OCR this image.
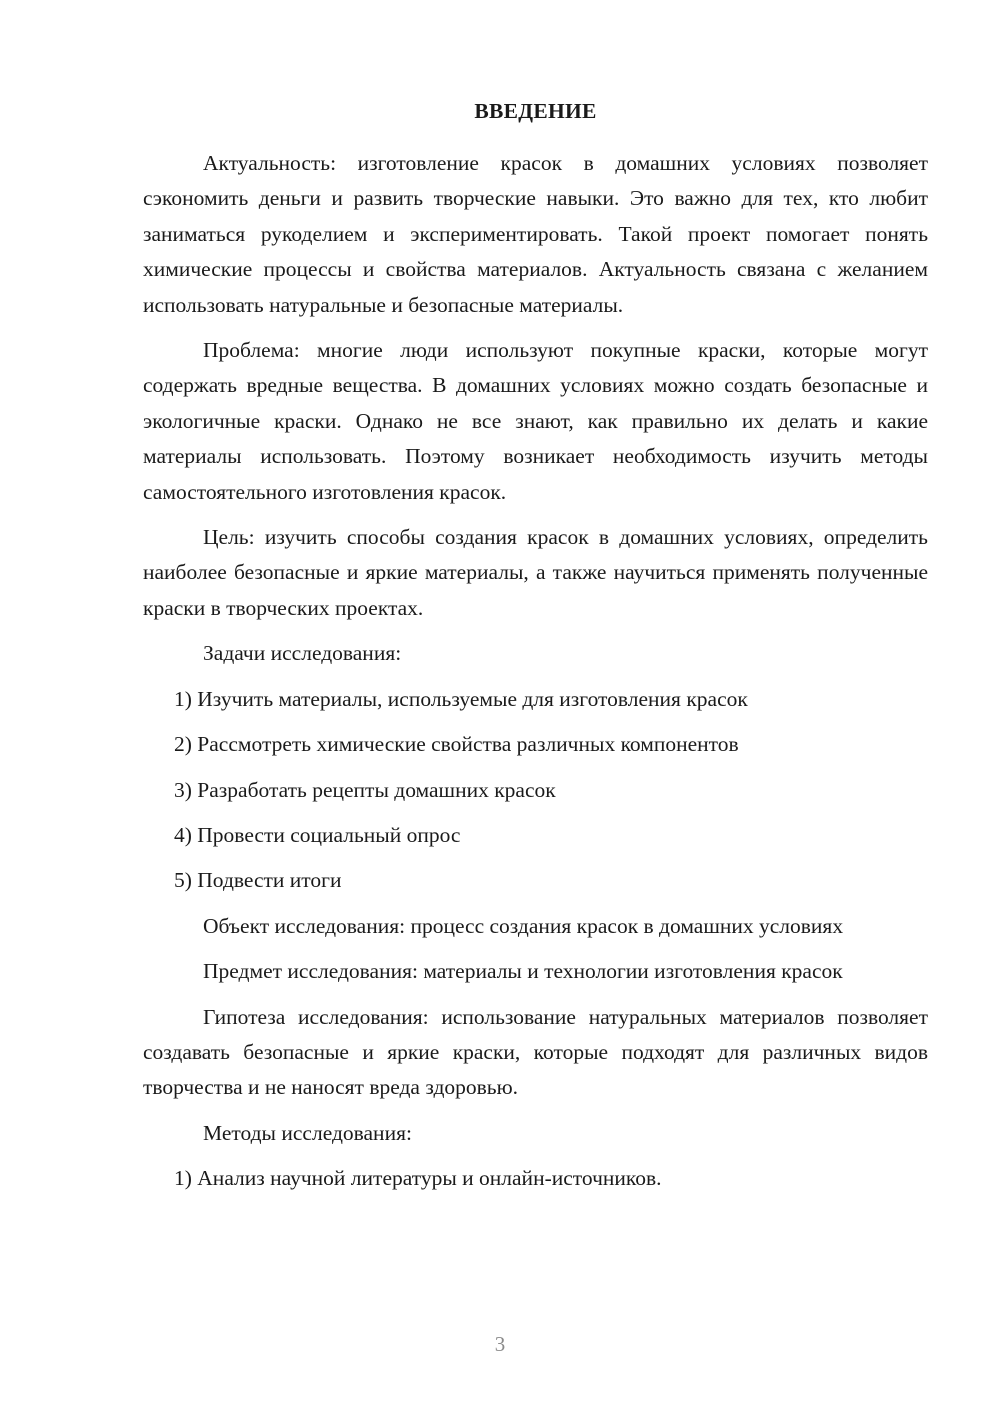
ВВЕДЕНИЕ
Актуальность: изготовление красок в домашних условиях позволяет сэкономить деньги и развить творческие навыки. Это важно для тех, кто любит заниматься рукоделием и экспериментировать. Такой проект помогает понять химические процессы и свойства материалов. Актуальность связана с желанием использовать натуральные и безопасные материалы.
Проблема: многие люди используют покупные краски, которые могут содержать вредные вещества. В домашних условиях можно создать безопасные и экологичные краски. Однако не все знают, как правильно их делать и какие материалы использовать. Поэтому возникает необходимость изучить методы самостоятельного изготовления красок.
Цель: изучить способы создания красок в домашних условиях, определить наиболее безопасные и яркие материалы, а также научиться применять полученные краски в творческих проектах.
Задачи исследования:
1) Изучить материалы, используемые для изготовления красок
2) Рассмотреть химические свойства различных компонентов
3) Разработать рецепты домашних красок
4) Провести социальный опрос
5) Подвести итоги
Объект исследования: процесс создания красок в домашних условиях
Предмет исследования: материалы и технологии изготовления красок
Гипотеза исследования: использование натуральных материалов позволяет создавать безопасные и яркие краски, которые подходят для различных видов творчества и не наносят вреда здоровью.
Методы исследования:
1) Анализ научной литературы и онлайн-источников.
3
